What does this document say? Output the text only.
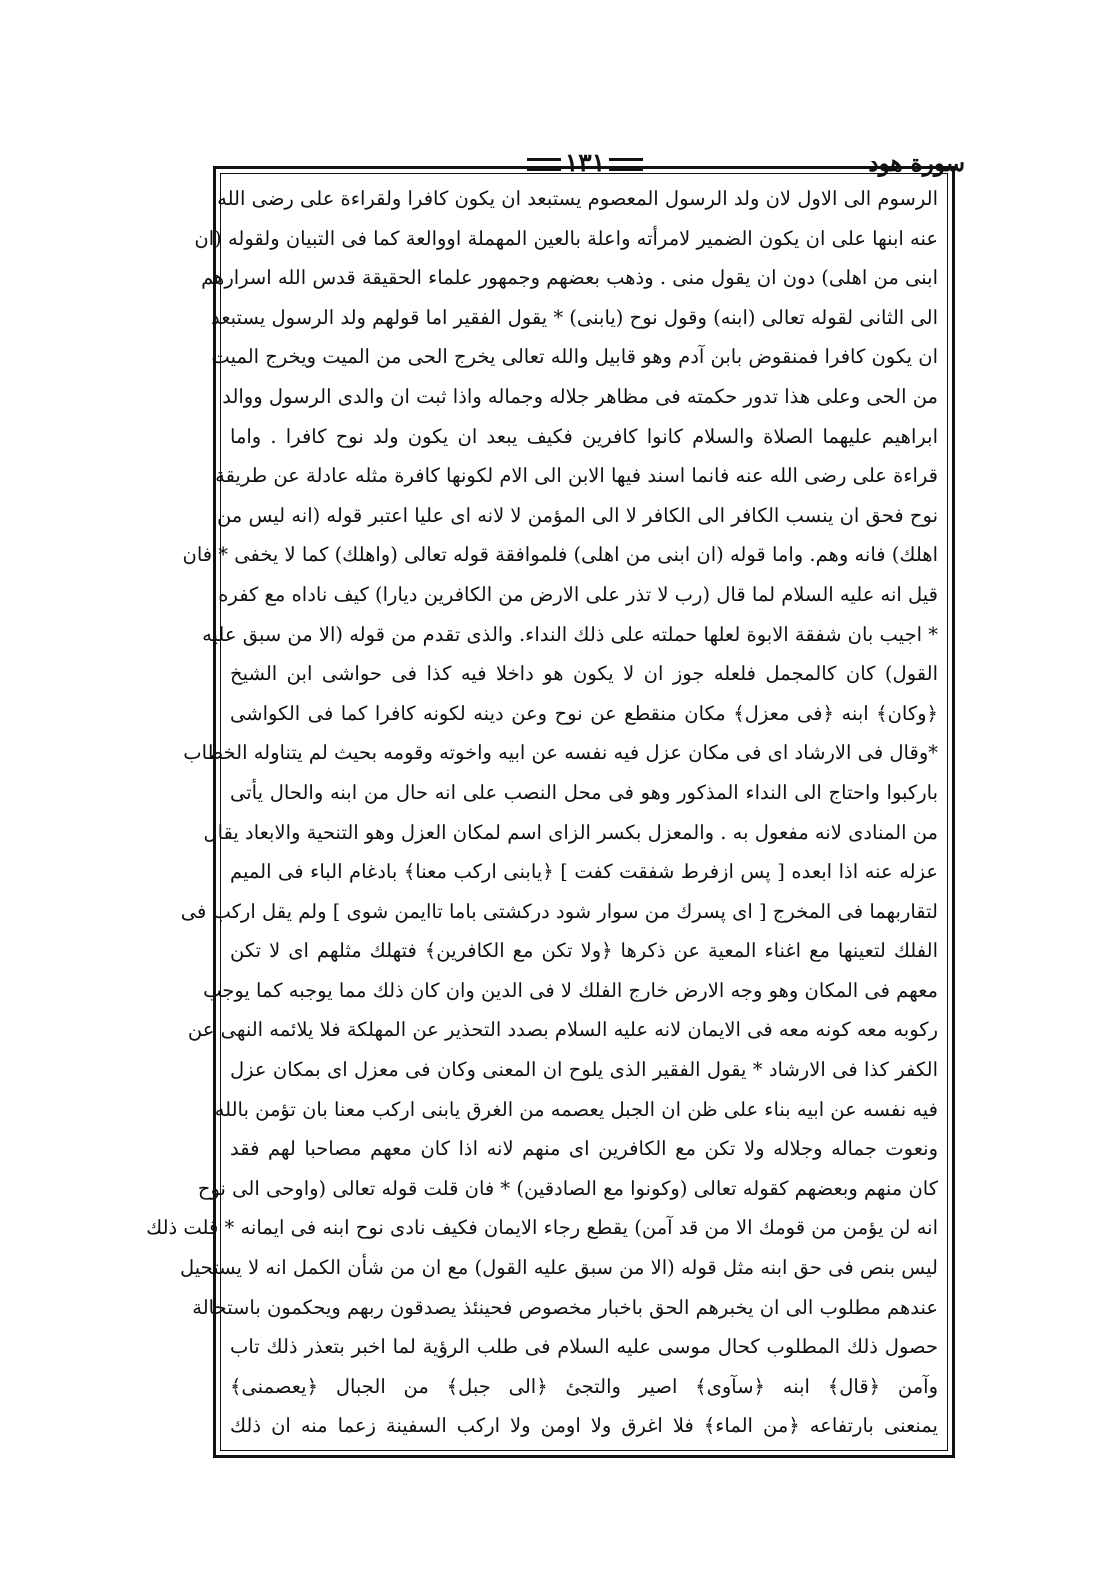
سورة هود
١٣١
الرسوم الى الاول لان ولد الرسول المعصوم يستبعد ان يكون كافرا ولقراءة على رضى الله
عنه ابنها على ان يكون الضمير لامرأته واعلة بالعين المهملة اووالعة كما فى التبيان ولقوله (ان
ابنى من اهلى) دون ان يقول منى . وذهب بعضهم وجمهور علماء الحقيقة قدس الله اسرارهم
الى الثانى لقوله تعالى (ابنه) وقول نوح (يابنى) * يقول الفقير اما قولهم ولد الرسول يستبعد
ان يكون كافرا فمنقوض بابن آدم وهو قابيل والله تعالى يخرج الحى من الميت ويخرج الميت
من الحى وعلى هذا تدور حكمته فى مظاهر جلاله وجماله واذا ثبت ان والدى الرسول ووالد
ابراهيم عليهما الصلاة والسلام كانوا كافرين فكيف يبعد ان يكون ولد نوح كافرا . واما
قراءة على رضى الله عنه فانما اسند فيها الابن الى الام لكونها كافرة مثله عادلة عن طريقة
نوح فحق ان ينسب الكافر الى الكافر لا الى المؤمن لا لانه اى عليا اعتبر قوله (انه ليس من
اهلك) فانه وهم. واما قوله (ان ابنى من اهلى) فلموافقة قوله تعالى (واهلك) كما لا يخفى * فان
قيل انه عليه السلام لما قال (رب لا تذر على الارض من الكافرين ديارا) كيف ناداه مع كفره
* اجيب بان شفقة الابوة لعلها حملته على ذلك النداء. والذى تقدم من قوله (الا من سبق عليه
القول) كان كالمجمل فلعله جوز ان لا يكون هو داخلا فيه كذا فى حواشى ابن الشيخ
﴿وكان﴾ ابنه ﴿فى معزل﴾ مكان منقطع عن نوح وعن دينه لكونه كافرا كما فى الكواشى
*وقال فى الارشاد اى فى مكان عزل فيه نفسه عن ابيه واخوته وقومه بحيث لم يتناوله الخطاب
باركبوا واحتاج الى النداء المذكور وهو فى محل النصب على انه حال من ابنه والحال يأتى
من المنادى لانه مفعول به . والمعزل بكسر الزاى اسم لمكان العزل وهو التنحية والابعاد يقال
عزله عنه اذا ابعده [ پس ازفرط شفقت كفت ] ﴿يابنى اركب معنا﴾ بادغام الباء فى الميم
لتقاربهما فى المخرج [ اى پسرك من سوار شود دركشتى باما تاايمن شوى ] ولم يقل اركب فى
الفلك لتعينها مع اغناء المعية عن ذكرها ﴿ولا تكن مع الكافرين﴾ فتهلك مثلهم اى لا تكن
معهم فى المكان وهو وجه الارض خارج الفلك لا فى الدين وان كان ذلك مما يوجبه كما يوجب
ركوبه معه كونه معه فى الايمان لانه عليه السلام بصدد التحذير عن المهلكة فلا يلائمه النهى عن
الكفر كذا فى الارشاد * يقول الفقير الذى يلوح ان المعنى وكان فى معزل اى بمكان عزل
فيه نفسه عن ابيه بناء على ظن ان الجبل يعصمه من الغرق يابنى اركب معنا بان تؤمن بالله
ونعوت جماله وجلاله ولا تكن مع الكافرين اى منهم لانه اذا كان معهم مصاحبا لهم فقد
كان منهم وبعضهم كقوله تعالى (وكونوا مع الصادقين) * فان قلت قوله تعالى (واوحى الى نوح
انه لن يؤمن من قومك الا من قد آمن) يقطع رجاء الايمان فكيف نادى نوح ابنه فى ايمانه * قلت ذلك
ليس بنص فى حق ابنه مثل قوله (الا من سبق عليه القول) مع ان من شأن الكمل انه لا يستحيل
عندهم مطلوب الى ان يخبرهم الحق باخبار مخصوص فحينئذ يصدقون ربهم ويحكمون باستحالة
حصول ذلك المطلوب كحال موسى عليه السلام فى طلب الرؤية لما اخبر بتعذر ذلك تاب
وآمن ﴿قال﴾ ابنه ﴿سآوى﴾ اصير والتجئ ﴿الى جبل﴾ من الجبال ﴿يعصمنى﴾
يمنعنى بارتفاعه ﴿من الماء﴾ فلا اغرق ولا اومن ولا اركب السفينة زعما منه ان ذلك
